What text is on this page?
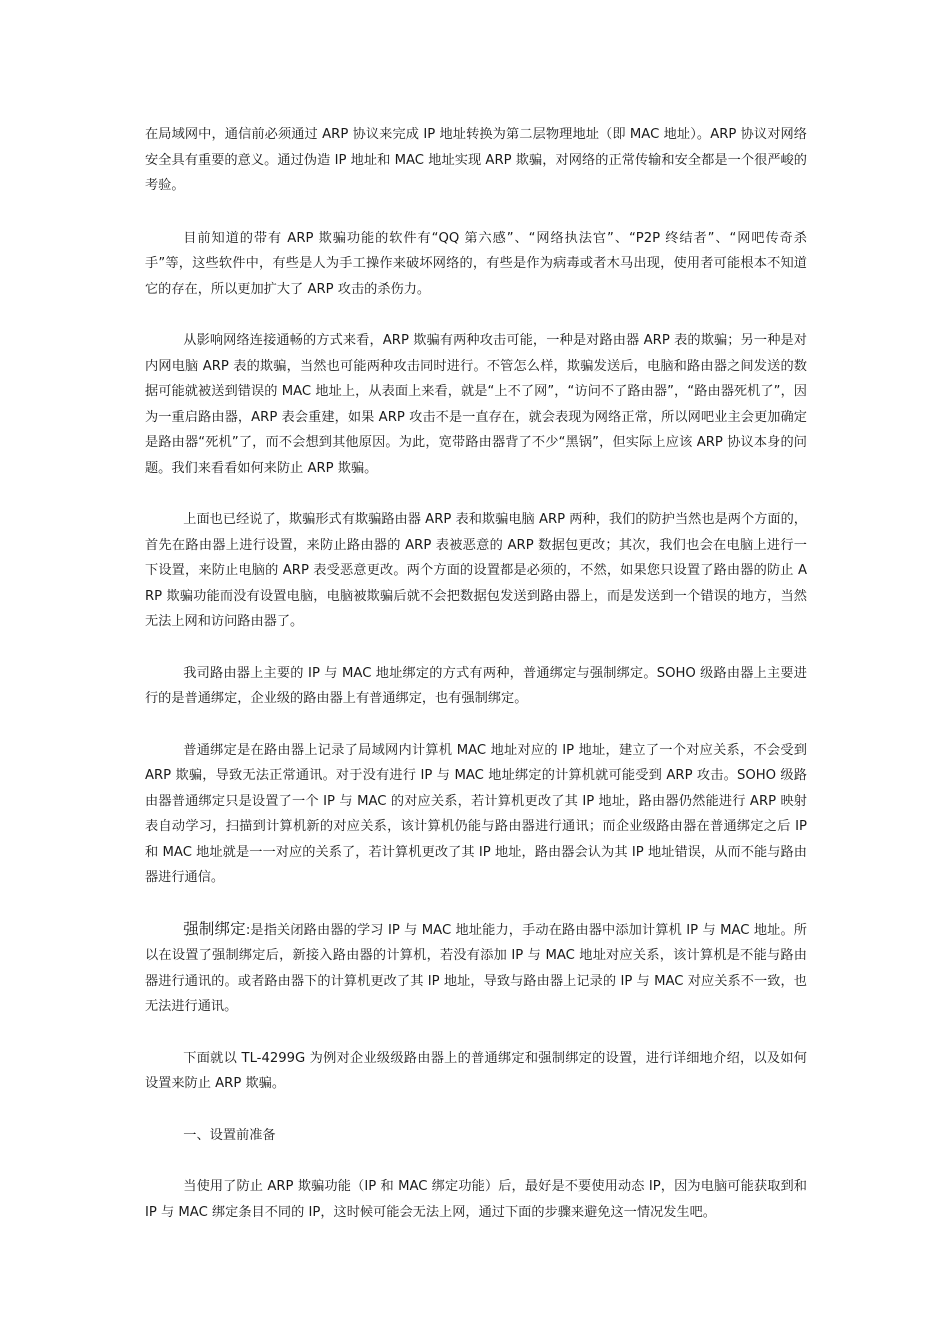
在局域网中，通信前必须通过 ARP 协议来完成 IP 地址转换为第二层物理地址（即 MAC 地址）。ARP 协议对网络安全具有重要的意义。通过伪造 IP 地址和 MAC 地址实现 ARP 欺骗，对网络的正常传输和安全都是一个很严峻的考验。

目前知道的带有 ARP 欺骗功能的软件有“QQ 第六感”、“网络执法官”、“P2P 终结者”、“网吧传奇杀手”等，这些软件中，有些是人为手工操作来破坏网络的，有些是作为病毒或者木马出现，使用者可能根本不知道它的存在，所以更加扩大了 ARP 攻击的杀伤力。

从影响网络连接通畅的方式来看，ARP 欺骗有两种攻击可能，一种是对路由器 ARP 表的欺骗；另一种是对内网电脑 ARP 表的欺骗，当然也可能两种攻击同时进行。不管怎么样，欺骗发送后，电脑和路由器之间发送的数据可能就被送到错误的 MAC 地址上，从表面上来看，就是“上不了网”，“访问不了路由器”，“路由器死机了”，因为一重启路由器，ARP 表会重建，如果 ARP 攻击不是一直存在，就会表现为网络正常，所以网吧业主会更加确定是路由器“死机”了，而不会想到其他原因。为此，宽带路由器背了不少“黑锅”，但实际上应该 ARP 协议本身的问题。我们来看看如何来防止 ARP 欺骗。

上面也已经说了，欺骗形式有欺骗路由器 ARP 表和欺骗电脑 ARP 两种，我们的防护当然也是两个方面的，首先在路由器上进行设置，来防止路由器的 ARP 表被恶意的 ARP 数据包更改；其次，我们也会在电脑上进行一下设置，来防止电脑的 ARP 表受恶意更改。两个方面的设置都是必须的，不然，如果您只设置了路由器的防止 ARP 欺骗功能而没有设置电脑，电脑被欺骗后就不会把数据包发送到路由器上，而是发送到一个错误的地方，当然无法上网和访问路由器了。

我司路由器上主要的 IP 与 MAC 地址绑定的方式有两种，普通绑定与强制绑定。SOHO 级路由器上主要进行的是普通绑定，企业级的路由器上有普通绑定，也有强制绑定。

普通绑定是在路由器上记录了局域网内计算机 MAC 地址对应的 IP 地址，建立了一个对应关系，不会受到 ARP 欺骗，导致无法正常通讯。对于没有进行 IP 与 MAC 地址绑定的计算机就可能受到 ARP 攻击。SOHO 级路由器普通绑定只是设置了一个 IP 与 MAC 的对应关系，若计算机更改了其 IP 地址，路由器仍然能进行 ARP 映射表自动学习，扫描到计算机新的对应关系，该计算机仍能与路由器进行通讯；而企业级路由器在普通绑定之后 IP 和 MAC 地址就是一一对应的关系了，若计算机更改了其 IP 地址，路由器会认为其 IP 地址错误，从而不能与路由器进行通信。

强制绑定:是指关闭路由器的学习 IP 与 MAC 地址能力，手动在路由器中添加计算机 IP 与 MAC 地址。所以在设置了强制绑定后，新接入路由器的计算机，若没有添加 IP 与 MAC 地址对应关系，该计算机是不能与路由器进行通讯的。或者路由器下的计算机更改了其 IP 地址，导致与路由器上记录的 IP 与 MAC 对应关系不一致，也无法进行通讯。

下面就以 TL-4299G 为例对企业级级路由器上的普通绑定和强制绑定的设置，进行详细地介绍，以及如何设置来防止 ARP 欺骗。

一、设置前准备

当使用了防止 ARP 欺骗功能（IP 和 MAC 绑定功能）后，最好是不要使用动态 IP，因为电脑可能获取到和 IP 与 MAC 绑定条目不同的 IP，这时候可能会无法上网，通过下面的步骤来避免这一情况发生吧。
